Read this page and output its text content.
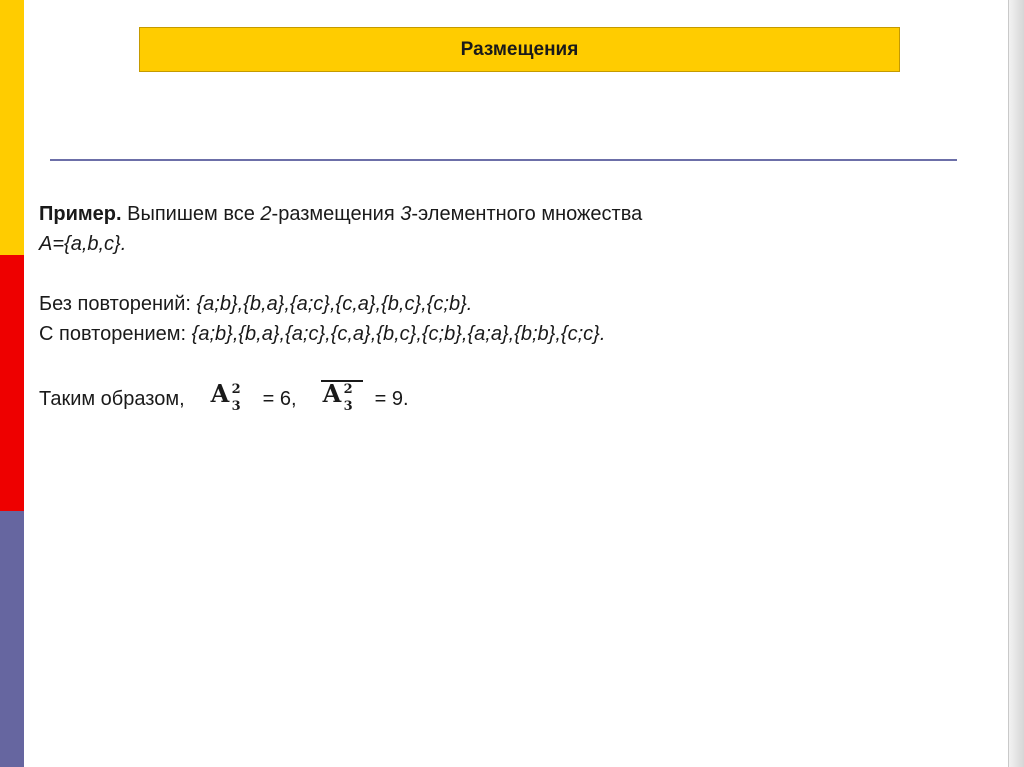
Размещения

Пример. Выпишем все 2-размещения 3-элементного множества

A={a,b,c}.

Без повторений: {a;b},{b,a},{a;c},{c,a},{b,c},{c;b}.

С повторением: {a;b},{b,a},{a;c},{c,a},{b,c},{c;b},{a;a},{b;b},{c;c}.

Таким образом, A 2
3 = 6, A 2
3 = 9.
